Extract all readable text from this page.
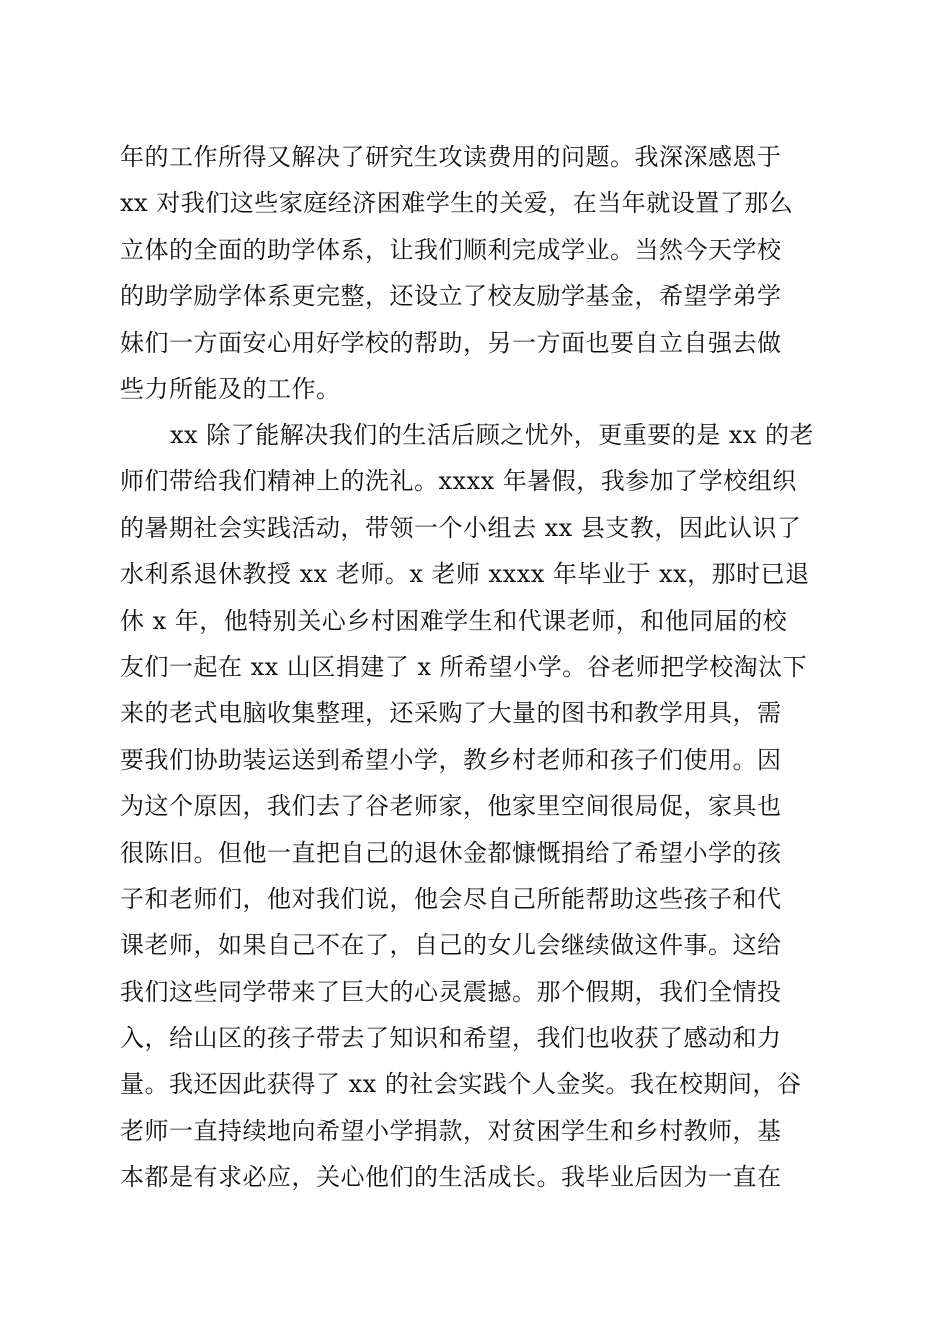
年的工作所得又解决了研究生攻读费用的问题。我深深感恩于
xx 对我们这些家庭经济困难学生的关爱，在当年就设置了那么
立体的全面的助学体系，让我们顺利完成学业。当然今天学校
的助学励学体系更完整，还设立了校友励学基金，希望学弟学
妹们一方面安心用好学校的帮助，另一方面也要自立自强去做
些力所能及的工作。
xx 除了能解决我们的生活后顾之忧外，更重要的是 xx 的老
师们带给我们精神上的洗礼。xxxx 年暑假，我参加了学校组织
的暑期社会实践活动，带领一个小组去 xx 县支教，因此认识了
水利系退休教授 xx 老师。x 老师 xxxx 年毕业于 xx，那时已退
休 x 年，他特别关心乡村困难学生和代课老师，和他同届的校
友们一起在 xx 山区捐建了 x 所希望小学。谷老师把学校淘汰下
来的老式电脑收集整理，还采购了大量的图书和教学用具，需
要我们协助装运送到希望小学，教乡村老师和孩子们使用。因
为这个原因，我们去了谷老师家，他家里空间很局促，家具也
很陈旧。但他一直把自己的退休金都慷慨捐给了希望小学的孩
子和老师们，他对我们说，他会尽自己所能帮助这些孩子和代
课老师，如果自己不在了，自己的女儿会继续做这件事。这给
我们这些同学带来了巨大的心灵震撼。那个假期，我们全情投
入，给山区的孩子带去了知识和希望，我们也收获了感动和力
量。我还因此获得了 xx 的社会实践个人金奖。我在校期间，谷
老师一直持续地向希望小学捐款，对贫困学生和乡村教师，基
本都是有求必应，关心他们的生活成长。我毕业后因为一直在
